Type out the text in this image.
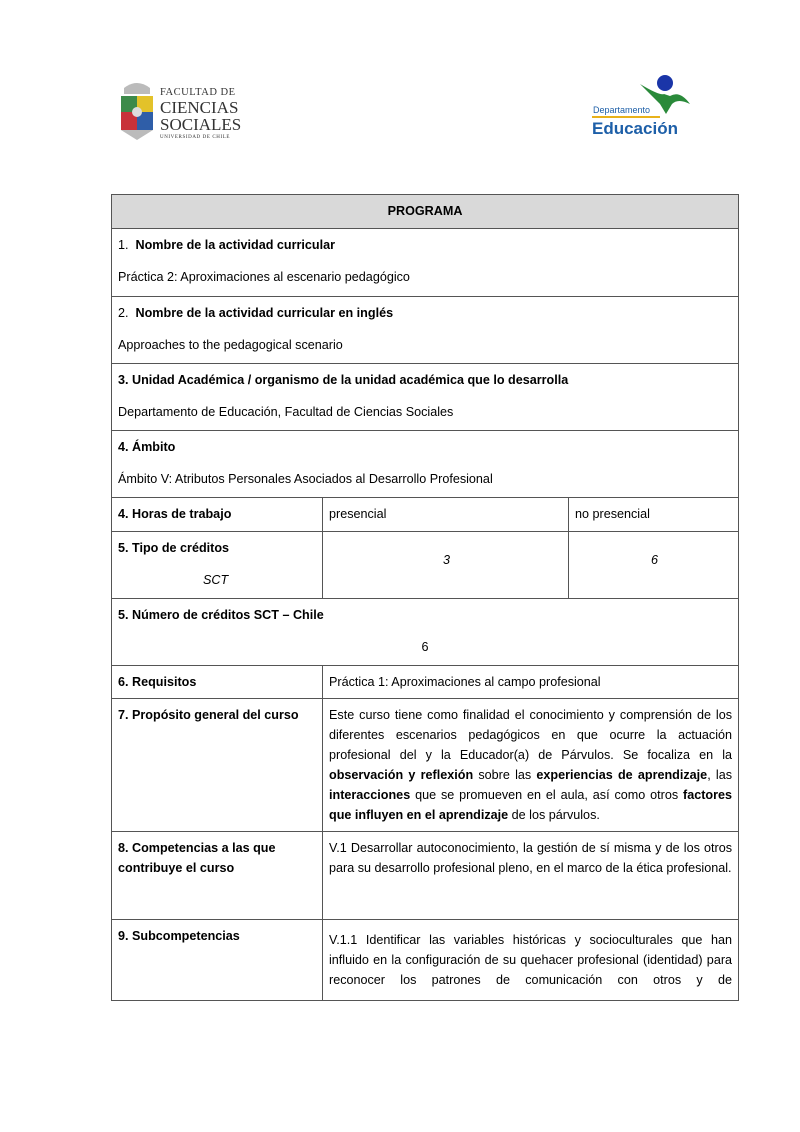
FACULTAD DE
CIENCIAS
SOCIALES
UNIVERSIDAD DE CHILE
Departamento
Educación
PROGRAMA		

1. Nombre de la actividad curricular

Práctica 2: Aproximaciones al escenario pedagógico		

2. Nombre de la actividad curricular en inglés

Approaches to the pedagogical scenario		

3. Unidad Académica / organismo de la unidad académica que lo desarrolla

Departamento de Educación, Facultad de Ciencias Sociales		

4. Ámbito

Ámbito V: Atributos Personales Asociados al Desarrollo Profesional		

4. Horas de trabajo	presencial	no presencial

5. Tipo de créditos

SCT	3	6

5. Número de créditos SCT – Chile

6		

6. Requisitos	Práctica 1: Aproximaciones al campo profesional	
7. Propósito general del curso	Este curso tiene como finalidad el conocimiento y comprensión de los diferentes escenarios pedagógicos en que ocurre la actuación profesional del y la Educador(a) de Párvulos. Se focaliza en la observación y reflexión sobre las experiencias de aprendizaje, las interacciones que se promueven en el aula, así como otros factores que influyen en el aprendizaje de los párvulos.	
8. Competencias a las que contribuye el curso	V.1 Desarrollar autoconocimiento, la gestión de sí misma y de los otros para su desarrollo profesional pleno, en el marco de la ética profesional.	
9. Subcompetencias	V.1.1 Identificar las variables históricas y socioculturales que han influido en la configuración de su quehacer profesional (identidad) para reconocer los patrones de comunicación con otros y de	
